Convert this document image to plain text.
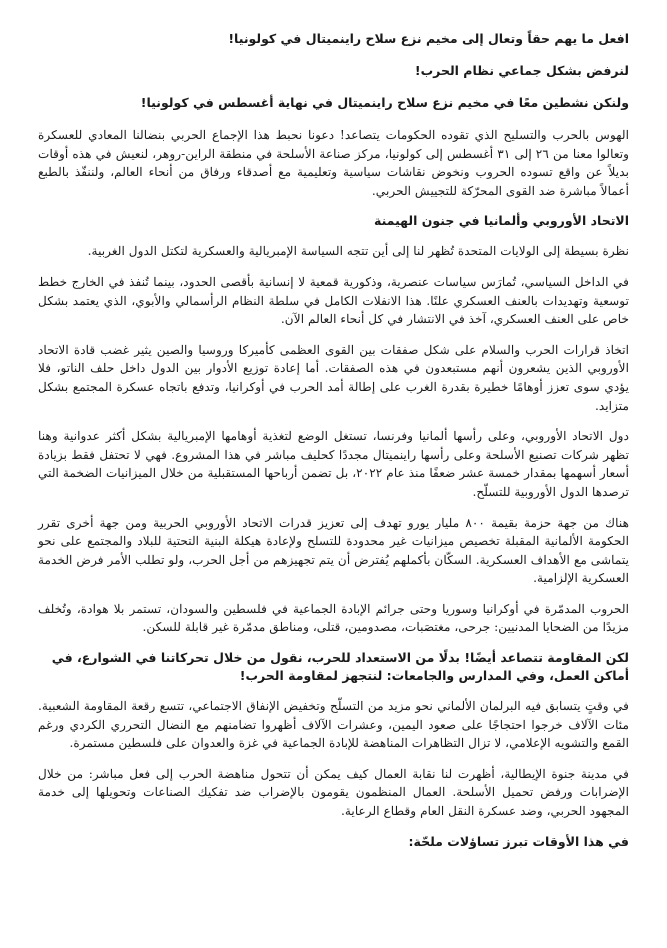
افعل ما يهم حقاً وتعال إلى مخيم نزع سلاح راينميتال في كولونيا!

لنرفض بشكل جماعي نظام الحرب!

ولنكن نشطين معًا في مخيم نزع سلاح راينميتال في نهاية أغسطس في كولونيا!

الهوس بالحرب والتسليح الذي تقوده الحكومات يتصاعد! دعونا نحبط هذا الإجماع الحربي بنضالنا المعادي للعسكرة وتعالوا معنا من ٢٦ إلى ٣١ أغسطس إلى كولونيا، مركز صناعة الأسلحة في منطقة الراين-روهر، لنعيش في هذه أوقات بديلاً عن واقع تسوده الحروب ونخوض نقاشات سياسية وتعليمية مع أصدقاء ورفاق من أنحاء العالم، ولننفّذ بالطبع أعمالاً مباشرة ضد القوى المحرّكة للتجييش الحربي.

الاتحاد الأوروبي وألمانيا في جنون الهيمنة

نظرة بسيطة إلى الولايات المتحدة تُظهر لنا إلى أين تتجه السياسة الإمبريالية والعسكرية لتكتل الدول الغربية.

في الداخل السياسي، تُمارَس سياسات عنصرية، وذكورية قمعية لا إنسانية بأقصى الحدود، بينما تُنفذ في الخارج خطط توسعية وتهديدات بالعنف العسكري علنًا. هذا الانفلات الكامل في سلطة النظام الرأسمالي والأبوي، الذي يعتمد بشكل خاص على العنف العسكري، آخذ في الانتشار في كل أنحاء العالم الآن.

اتخاذ قرارات الحرب والسلام على شكل صفقات بين القوى العظمى كأميركا وروسيا والصين يثير غضب قادة الاتحاد الأوروبي الذين يشعرون أنهم مستبعدون في هذه الصفقات. أما إعادة توزيع الأدوار بين الدول داخل حلف الناتو، فلا يؤدي سوى تعزز أوهامًا خطيرة بقدرة الغرب على إطالة أمد الحرب في أوكرانيا، وتدفع باتجاه عسكرة المجتمع بشكل متزايد.

دول الاتحاد الأوروبي، وعلى رأسها ألمانيا وفرنسا، تستغل الوضع لتغذية أوهامها الإمبريالية بشكل أكثر عدوانية وهنا تظهر شركات تصنيع الأسلحة وعلى رأسها راينميتال مجددًا كحليف مباشر في هذا المشروع. فهي لا تحتفل فقط بزيادة أسعار أسهمها بمقدار خمسة عشر ضعفًا منذ عام ٢٠٢٢، بل تضمن أرباحها المستقبلية من خلال الميزانيات الضخمة التي ترصدها الدول الأوروبية للتسلّح.

هناك من جهة حزمة بقيمة ٨٠٠ مليار يورو تهدف إلى تعزيز قدرات الاتحاد الأوروبي الحربية ومن جهة أخرى تقرر الحكومة الألمانية المقبلة تخصيص ميزانيات غير محدودة للتسلح ولإعادة هيكلة البنية التحتية للبلاد والمجتمع على نحو يتماشى مع الأهداف العسكرية. السكّان بأكملهم يُفترض أن يتم تجهيزهم من أجل الحرب، ولو تطلب الأمر فرض الخدمة العسكرية الإلزامية.

الحروب المدمّرة في أوكرانيا وسوريا وحتى جرائم الإبادة الجماعية في فلسطين والسودان، تستمر بلا هوادة، وتُخلف مزيدًا من الضحايا المدنيين: جرحى، مغتصَبات، مصدومين، قتلى، ومناطق مدمّرة غير قابلة للسكن.

لكن المقاومة تتصاعد أيضًا! بدلًا من الاستعداد للحرب، نقول من خلال تحركاتنا في الشوارع، في أماكن العمل، وفي المدارس والجامعات: لنتجهز لمقاومة الحرب!

في وقتٍ يتسابق فيه البرلمان الألماني نحو مزيد من التسلّح وتخفيض الإنفاق الاجتماعي، تتسع رقعة المقاومة الشعبية. مئات الآلاف خرجوا احتجاجًا على صعود اليمين، وعشرات الآلاف أظهروا تضامنهم مع النضال التحرري الكردي ورغم القمع والتشويه الإعلامي، لا تزال التظاهرات المناهضة للإبادة الجماعية في غزة والعدوان على فلسطين مستمرة.

في مدينة جنوة الإيطالية، أظهرت لنا نقابة العمال كيف يمكن أن تتحول مناهضة الحرب إلى فعل مباشر: من خلال الإضرابات ورفض تحميل الأسلحة. العمال المنظمون يقومون بالإضراب ضد تفكيك الصناعات وتحويلها إلى خدمة المجهود الحربي، وضد عسكرة النقل العام وقطاع الرعاية.

في هذا الأوقات تبرز تساؤلات ملحّة:
